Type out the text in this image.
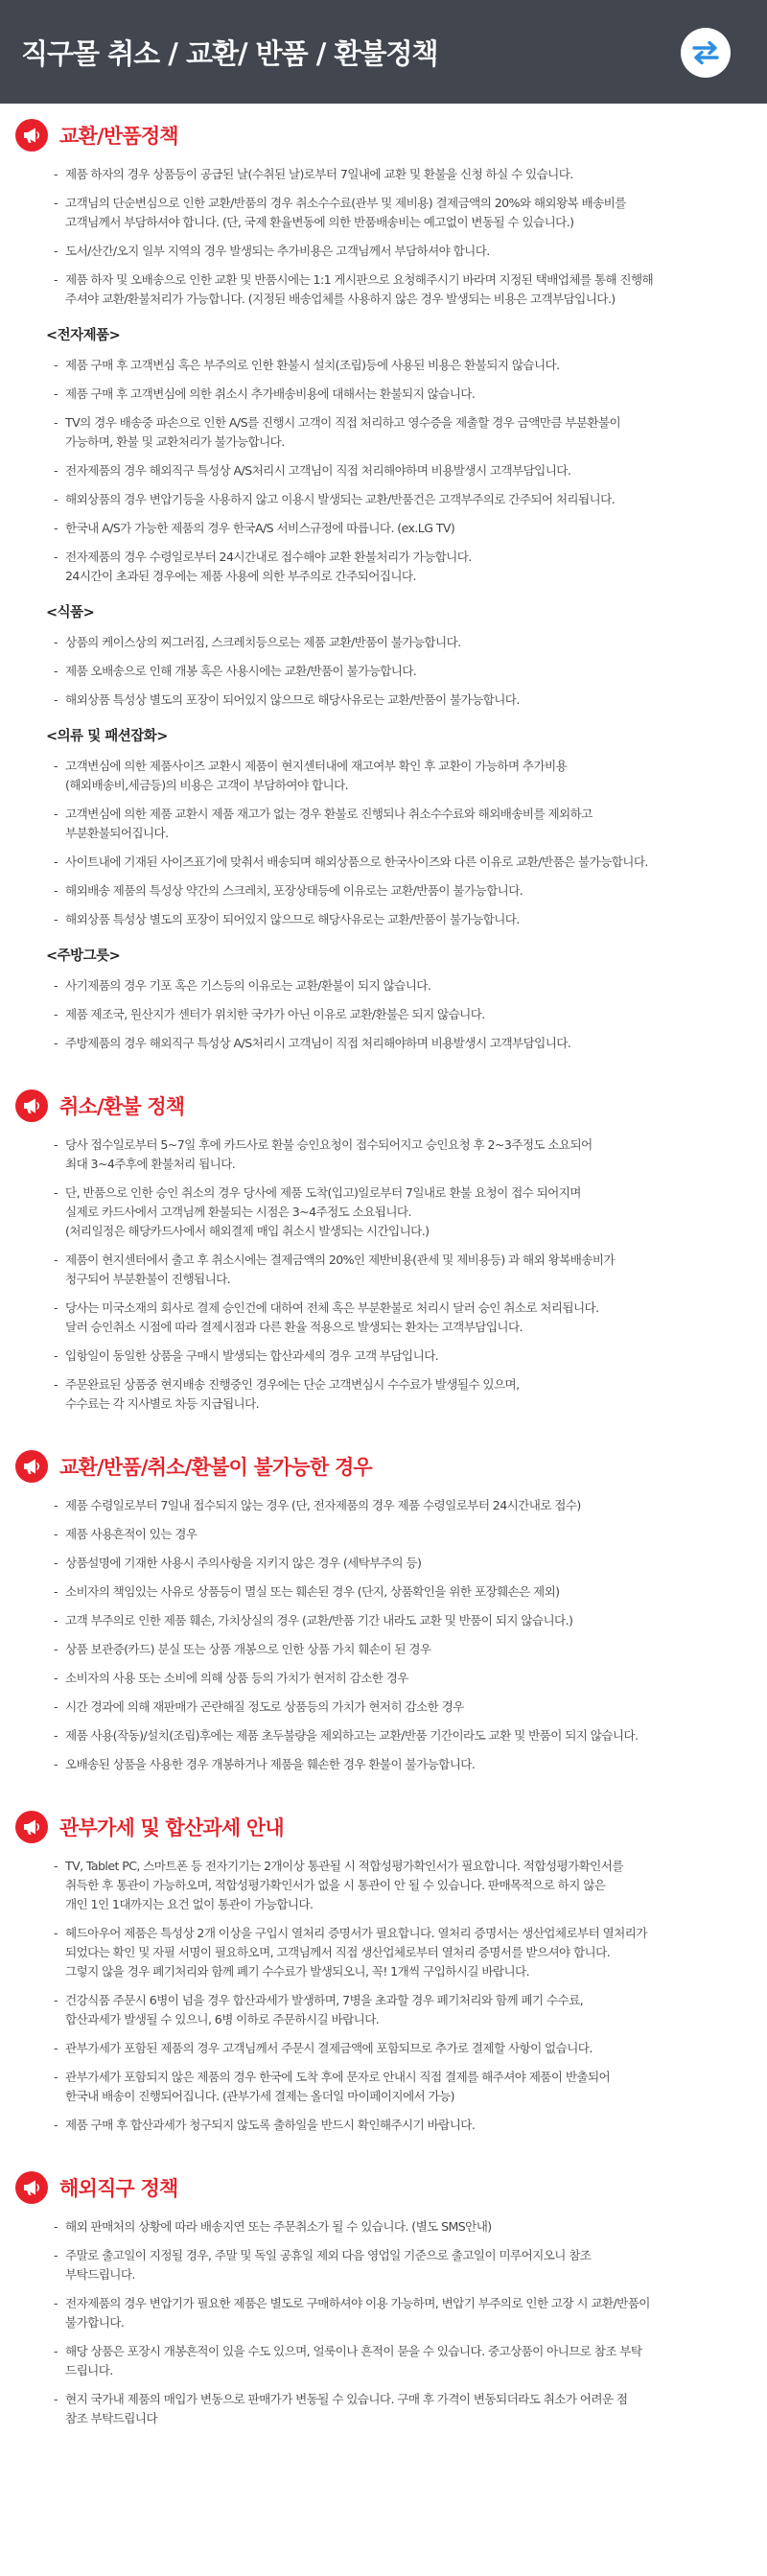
직구몰 취소 / 교환/ 반품 / 환불정책
교환/반품정책
- 제품 하자의 경우 상품등이 공급된 날(수취된 날)로부터 7일내에 교환 및 환불을 신청 하실 수 있습니다.
- 고객님의 단순변심으로 인한 교환/반품의 경우 취소수수료(관부 및 제비용) 결제금액의 20%와 해외왕복 배송비를
고객님께서 부담하셔야 합니다. (단, 국제 환율변동에 의한 반품배송비는 예고없이 변동될 수 있습니다.)
- 도서/산간/오지 일부 지역의 경우 발생되는 추가비용은 고객님께서 부담하셔야 합니다.
- 제품 하자 및 오배송으로 인한 교환 및 반품시에는 1:1 게시판으로 요청해주시기 바라며 지정된 택배업체를 통해 진행해
주셔야 교환/환불처리가 가능합니다. (지정된 배송업체를 사용하지 않은 경우 발생되는 비용은 고객부담입니다.)
<전자제품>
- 제품 구매 후 고객변심 혹은 부주의로 인한 환불시 설치(조립)등에 사용된 비용은 환불되지 않습니다.
- 제품 구매 후 고객변심에 의한 취소시 추가배송비용에 대해서는 환불되지 않습니다.
- TV의 경우 배송중 파손으로 인한 A/S를 진행시 고객이 직접 처리하고 영수증을 제출할 경우 금액만큼 부분환불이
가능하며, 환불 및 교환처리가 불가능합니다.
- 전자제품의 경우 해외직구 특성상 A/S처리시 고객님이 직접 처리해야하며 비용발생시 고객부담입니다.
- 해외상품의 경우 변압기등을 사용하지 않고 이용시 발생되는 교환/반품건은 고객부주의로 간주되어 처리됩니다.
- 한국내 A/S가 가능한 제품의 경우 한국A/S 서비스규정에 따릅니다. (ex.LG TV)
- 전자제품의 경우 수령일로부터 24시간내로 접수해야 교환 환불처리가 가능합니다.
24시간이 초과된 경우에는 제품 사용에 의한 부주의로 간주되어집니다.
<식품>
- 상품의 케이스상의 찌그러짐, 스크레치등으로는 제품 교환/반품이 불가능합니다.
- 제품 오배송으로 인해 개봉 혹은 사용시에는 교환/반품이 불가능합니다.
- 해외상품 특성상 별도의 포장이 되어있지 않으므로 해당사유로는 교환/반품이 불가능합니다.
<의류 및 패션잡화>
- 고객변심에 의한 제품사이즈 교환시 제품이 현지센터내에 재고여부 확인 후 교환이 가능하며 추가비용
(해외배송비,세금등)의 비용은 고객이 부담하여야 합니다.
- 고객변심에 의한 제품 교환시 제품 재고가 없는 경우 환불로 진행되나 취소수수료와 해외배송비를 제외하고
부분환불되어집니다.
- 사이트내에 기재된 사이즈표기에 맞춰서 배송되며 해외상품으로 한국사이즈와 다른 이유로 교환/반품은 불가능합니다.
- 해외배송 제품의 특성상 약간의 스크레치, 포장상태등에 이유로는 교환/반품이 불가능합니다.
- 해외상품 특성상 별도의 포장이 되어있지 않으므로 해당사유로는 교환/반품이 불가능합니다.
<주방그릇>
- 사기제품의 경우 기포 혹은 기스등의 이유로는 교환/환불이 되지 않습니다.
- 제품 제조국, 원산지가 센터가 위치한 국가가 아닌 이유로 교환/환불은 되지 않습니다.
- 주방제품의 경우 해외직구 특성상 A/S처리시 고객님이 직접 처리해야하며 비용발생시 고객부담입니다.
취소/환불 정책
- 당사 접수일로부터 5~7일 후에 카드사로 환불 승인요청이 접수되어지고 승인요청 후 2~3주정도 소요되어
최대 3~4주후에 환불처리 됩니다.
- 단, 반품으로 인한 승인 취소의 경우 당사에 제품 도착(입고)일로부터 7일내로 환불 요청이 접수 되어지며
실제로 카드사에서 고객님께 환불되는 시점은 3~4주정도 소요됩니다.
(처리일정은 해당카드사에서 해외결제 매입 취소시 발생되는 시간입니다.)
- 제품이 현지센터에서 출고 후 취소시에는 결제금액의 20%인 제반비용(관세 및 제비용등) 과 해외 왕복배송비가
청구되어 부분환불이 진행됩니다.
- 당사는 미국소재의 회사로 결제 승인건에 대하여 전체 혹은 부분환불로 처리시 달러 승인 취소로 처리됩니다.
달러 승인취소 시점에 따라 결제시점과 다른 환율 적용으로 발생되는 환차는 고객부담입니다.
- 입항일이 동일한 상품을 구매시 발생되는 합산과세의 경우 고객 부담입니다.
- 주문완료된 상품중 현지배송 진행중인 경우에는 단순 고객변심시 수수료가 발생될수 있으며,
수수료는 각 지사별로 차등 지급됩니다.
교환/반품/취소/환불이 불가능한 경우
- 제품 수령일로부터 7일내 접수되지 않는 경우 (단, 전자제품의 경우 제품 수령일로부터 24시간내로 접수)
- 제품 사용흔적이 있는 경우
- 상품설명에 기재한 사용시 주의사항을 지키지 않은 경우 (세탁부주의 등)
- 소비자의 책임있는 사유로 상품등이 멸실 또는 훼손된 경우 (단지, 상품확인을 위한 포장훼손은 제외)
- 고객 부주의로 인한 제품 훼손, 가치상실의 경우 (교환/반품 기간 내라도 교환 및 반품이 되지 않습니다.)
- 상품 보관증(카드) 분실 또는 상품 개봉으로 인한 상품 가치 훼손이 된 경우
- 소비자의 사용 또는 소비에 의해 상품 등의 가치가 현저히 감소한 경우
- 시간 경과에 의해 재판매가 곤란해질 정도로 상품등의 가치가 현저히 감소한 경우
- 제품 사용(작동)/설치(조립)후에는 제품 초두불량을 제외하고는 교환/반품 기간이라도 교환 및 반품이 되지 않습니다.
- 오배송된 상품을 사용한 경우 개봉하거나 제품을 훼손한 경우 환불이 불가능합니다.
관부가세 및 합산과세 안내
- TV, Tablet PC, 스마트폰 등 전자기기는 2개이상 통관될 시 적합성평가확인서가 필요합니다. 적합성평가확인서를
취득한 후 통관이 가능하오며, 적합성평가확인서가 없을 시 통관이 안 될 수 있습니다. 판매목적으로 하지 않은
개인 1인 1대까지는 요건 없이 통관이 가능합니다.
- 헤드아우어 제품은 특성상 2개 이상을 구입시 열처리 증명서가 필요합니다. 열처리 증명서는 생산업체로부터 열처리가
되었다는 확인 및 자필 서명이 필요하오며, 고객님께서 직접 생산업체로부터 열처리 증명서를 받으셔야 합니다.
그렇지 않을 경우 폐기처리와 함께 폐기 수수료가 발생되오니, 꼭! 1개씩 구입하시길 바랍니다.
- 건강식품 주문시 6병이 넘을 경우 합산과세가 발생하며, 7병을 초과할 경우 폐기처리와 함께 폐기 수수료,
합산과세가 발생될 수 있으니, 6병 이하로 주문하시길 바랍니다.
- 관부가세가 포함된 제품의 경우 고객님께서 주문시 결제금액에 포함되므로 추가로 결제할 사항이 없습니다.
- 관부가세가 포함되지 않은 제품의 경우 한국에 도착 후에 문자로 안내시 직접 결제를 해주셔야 제품이 반출되어
한국내 배송이 진행되어집니다. (관부가세 결제는 올더일 마이페이지에서 가능)
- 제품 구매 후 합산과세가 청구되지 않도록 출하일을 반드시 확인해주시기 바랍니다.
해외직구 정책
- 해외 판매처의 상황에 따라 배송지연 또는 주문취소가 될 수 있습니다. (별도 SMS안내)
- 주말로 출고일이 지정될 경우, 주말 및 독일 공휴일 제외 다음 영업일 기준으로 출고일이 미루어지오니 참조
부탁드립니다.
- 전자제품의 경우 변압기가 필요한 제품은 별도로 구매하셔야 이용 가능하며, 변압기 부주의로 인한 고장 시 교환/반품이
불가합니다.
- 해당 상품은 포장시 개봉흔적이 있을 수도 있으며, 얼룩이나 흔적이 묻을 수 있습니다. 중고상품이 아니므로 참조 부탁
드립니다.
- 현지 국가내 제품의 매입가 변동으로 판매가가 변동될 수 있습니다. 구매 후 가격이 변동되더라도 취소가 어려운 점
참조 부탁드립니다
